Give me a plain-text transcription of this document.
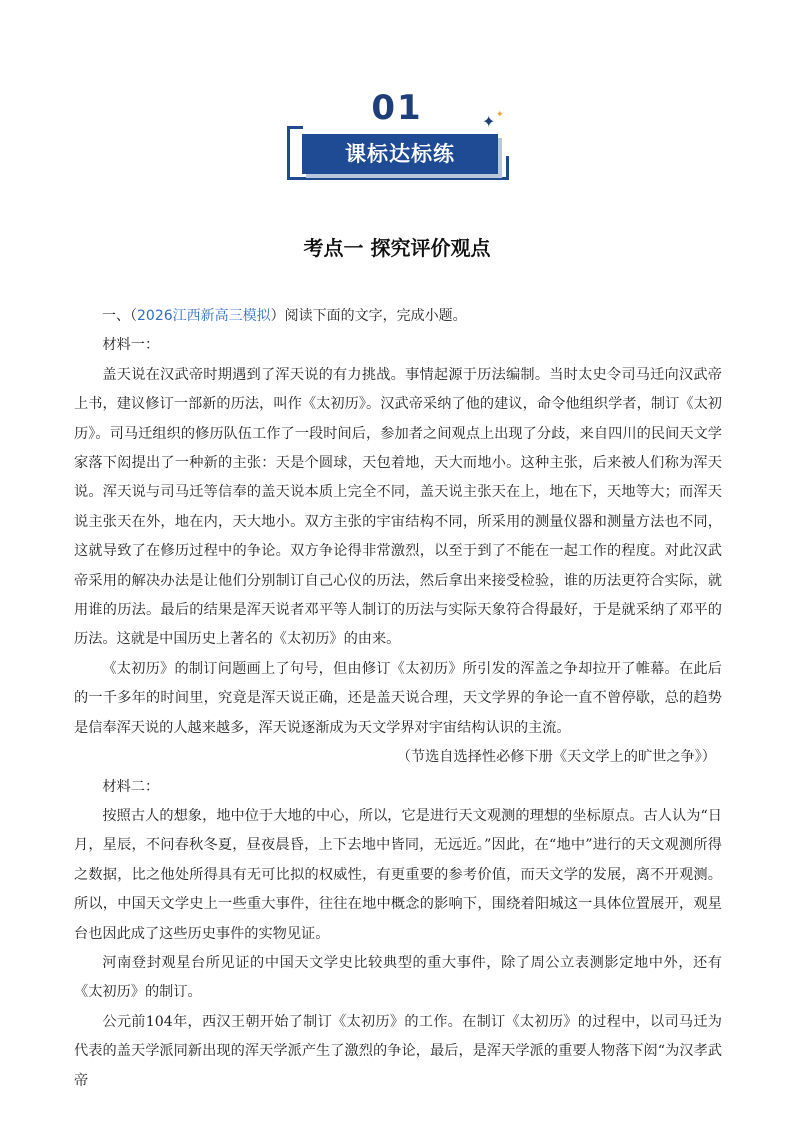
01
课标达标练
✦ ✦
考点一 探究评价观点

一、（2026江西新高三模拟）阅读下面的文字，完成小题。

材料一：

盖天说在汉武帝时期遇到了浑天说的有力挑战。事情起源于历法编制。当时太史令司马迁向汉武帝上书，建议修订一部新的历法，叫作《太初历》。汉武帝采纳了他的建议，命令他组织学者，制订《太初历》。司马迁组织的修历队伍工作了一段时间后，参加者之间观点上出现了分歧，来自四川的民间天文学家落下闳提出了一种新的主张：天是个圆球，天包着地，天大而地小。这种主张，后来被人们称为浑天说。浑天说与司马迁等信奉的盖天说本质上完全不同，盖天说主张天在上，地在下，天地等大；而浑天说主张天在外，地在内，天大地小。双方主张的宇宙结构不同，所采用的测量仪器和测量方法也不同，这就导致了在修历过程中的争论。双方争论得非常激烈，以至于到了不能在一起工作的程度。对此汉武帝采用的解决办法是让他们分别制订自己心仪的历法，然后拿出来接受检验，谁的历法更符合实际，就用谁的历法。最后的结果是浑天说者邓平等人制订的历法与实际天象符合得最好，于是就采纳了邓平的历法。这就是中国历史上著名的《太初历》的由来。

《太初历》的制订问题画上了句号，但由修订《太初历》所引发的浑盖之争却拉开了帷幕。在此后的一千多年的时间里，究竟是浑天说正确，还是盖天说合理，天文学界的争论一直不曾停歇，总的趋势是信奉浑天说的人越来越多，浑天说逐渐成为天文学界对宇宙结构认识的主流。

（节选自选择性必修下册《天文学上的旷世之争》）

材料二：

按照古人的想象，地中位于大地的中心，所以，它是进行天文观测的理想的坐标原点。古人认为“日月，星辰，不问春秋冬夏，昼夜晨昏，上下去地中皆同，无远近。”因此，在“地中”进行的天文观测所得之数据，比之他处所得具有无可比拟的权威性，有更重要的参考价值，而天文学的发展，离不开观测。所以，中国天文学史上一些重大事件，往往在地中概念的影响下，围绕着阳城这一具体位置展开，观星台也因此成了这些历史事件的实物见证。

河南登封观星台所见证的中国天文学史比较典型的重大事件，除了周公立表测影定地中外，还有《太初历》的制订。

公元前104年，西汉王朝开始了制订《太初历》的工作。在制订《太初历》的过程中，以司马迁为代表的盖天学派同新出现的浑天学派产生了激烈的争论，最后，是浑天学派的重要人物落下闳“为汉孝武帝
